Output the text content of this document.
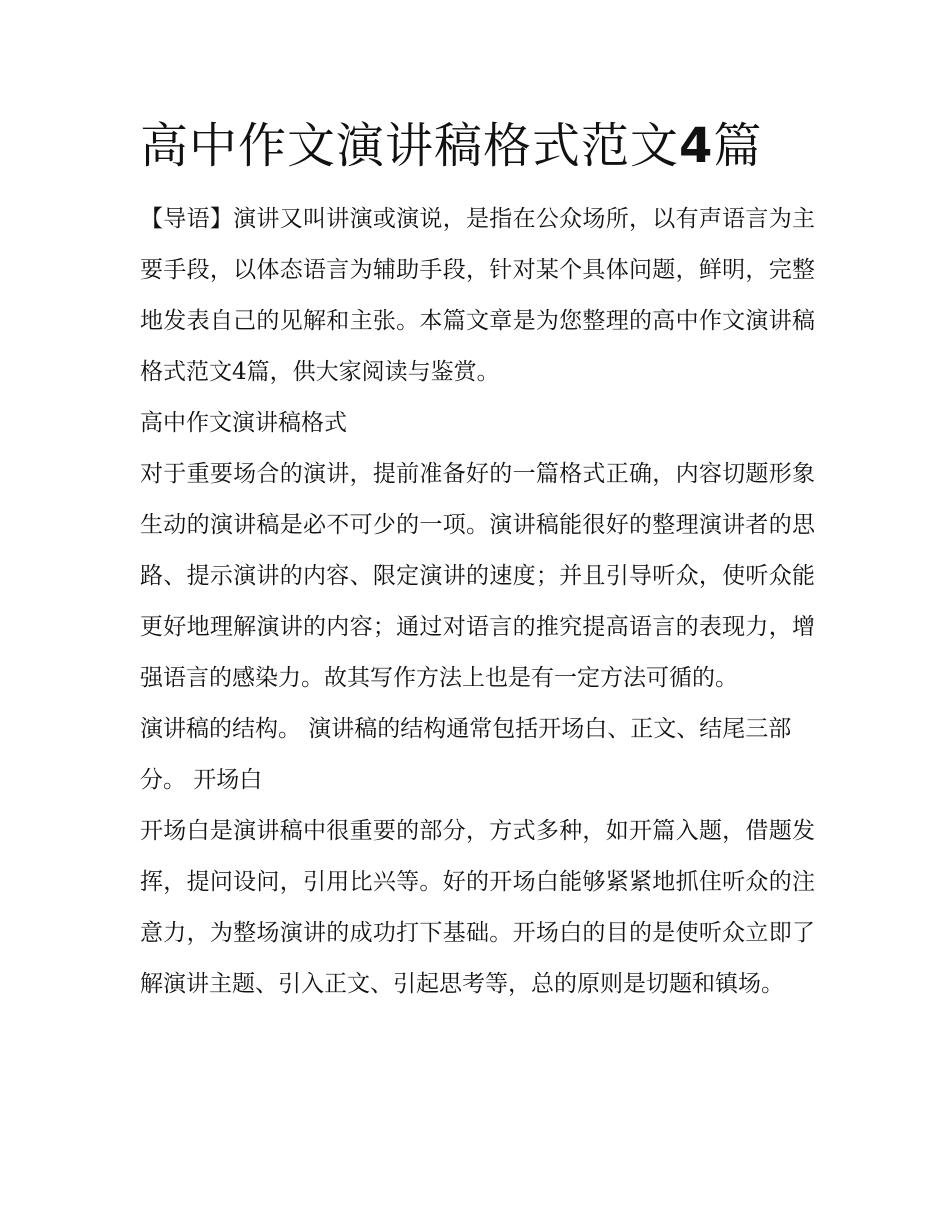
高中作文演讲稿格式范文4篇

【导语】演讲又叫讲演或演说，是指在公众场所，以有声语言为主要手段，以体态语言为辅助手段，针对某个具体问题，鲜明，完整地发表自己的见解和主张。本篇文章是为您整理的高中作文演讲稿格式范文4篇，供大家阅读与鉴赏。

高中作文演讲稿格式

对于重要场合的演讲，提前准备好的一篇格式正确，内容切题形象生动的演讲稿是必不可少的一项。演讲稿能很好的整理演讲者的思路、提示演讲的内容、限定演讲的速度；并且引导听众，使听众能更好地理解演讲的内容；通过对语言的推究提高语言的表现力，增强语言的感染力。故其写作方法上也是有一定方法可循的。

演讲稿的结构。 演讲稿的结构通常包括开场白、正文、结尾三部分。 开场白

开场白是演讲稿中很重要的部分，方式多种，如开篇入题，借题发挥，提问设问，引用比兴等。好的开场白能够紧紧地抓住听众的注意力，为整场演讲的成功打下基础。开场白的目的是使听众立即了解演讲主题、引入正文、引起思考等，总的原则是切题和镇场。
